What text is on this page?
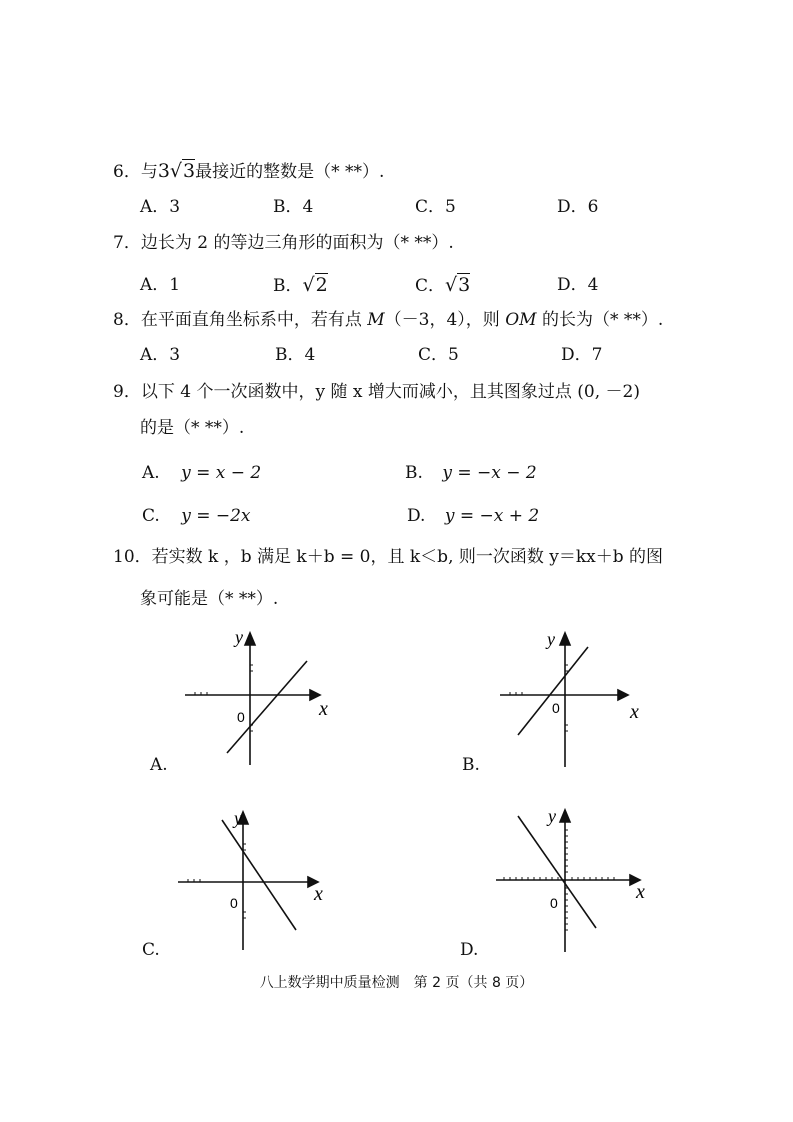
6．与3√3最接近的整数是（* **）.
A．3	B．4	C．5	D．6
7．边长为 2 的等边三角形的面积为（* **）.
A．1	B．√2	C．√3	D．4
8．在平面直角坐标系中，若有点 M（－3，4），则 OM 的长为（* **）.
A．3	B．4	C．5	D．7
9．以下 4 个一次函数中，y 随 x 增大而减小，且其图象过点 (0, －2)
的是（* **）.
A. y = x − 2	B. y = −x − 2
C. y = −2x	D. y = −x + 2
10．若实数 k ，b 满足 k＋b = 0，且 k＜b, 则一次函数 y＝kx＋b 的图
象可能是（* **）.
y
x
0
A.
y
x
0
B.
y
x
0
C.
y
x
0
D.
八上数学期中质量检测　第 2 页（共 8 页）
